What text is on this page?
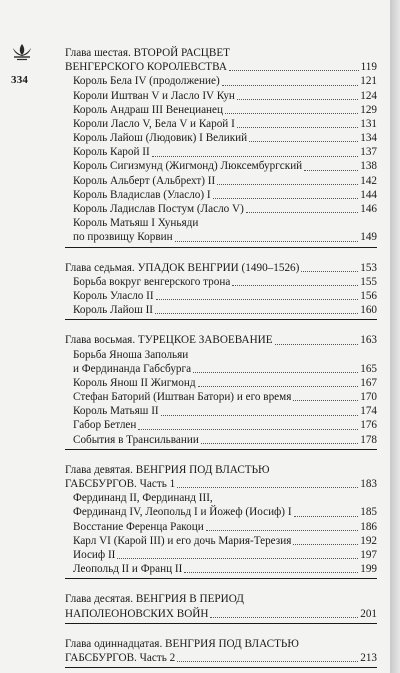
334
Глава шестая. ВТОРОЙ РАСЦВЕТ
ВЕНГЕРСКОГО КОРОЛЕВСТВА	119
Король Бела IV (продолжение)	121
Короли Иштван V и Ласло IV Кун	124
Король Андраш III Венецианец	129
Короли Ласло V, Бела V и Карой I	131
Король Лайош (Людовик) I Великий	134
Король Карой II	137
Король Сигизмунд (Жигмонд) Люксембургский	138
Король Альберт (Альбрехт) II	142
Король Владислав (Уласло) I	144
Король Ладислав Постум (Ласло V)	146
Король Матьяш I Хуньяди
по прозвищу Корвин	149
Глава седьмая. УПАДОК ВЕНГРИИ (1490–1526)	153
Борьба вокруг венгерского трона	155
Король Уласло II	156
Король Лайош II	160
Глава восьмая. ТУРЕЦКОЕ ЗАВОЕВАНИЕ	163
Борьба Яноша Запольяи
и Фердинанда Габсбурга	165
Король Янош II Жигмонд	167
Стефан Баторий (Иштван Батори) и его время	170
Король Матьяш II	174
Габор Бетлен	176
События в Трансильвании	178
Глава девятая. ВЕНГРИЯ ПОД ВЛАСТЬЮ
ГАБСБУРГОВ. Часть 1	183
Фердинанд II, Фердинанд III,
Фердинанд IV, Леопольд I и Йожеф (Иосиф) I	185
Восстание Ференца Ракоци	186
Карл VI (Карой III) и его дочь Мария-Терезия	192
Иосиф II	197
Леопольд II и Франц II	199
Глава десятая. ВЕНГРИЯ В ПЕРИОД
НАПОЛЕОНОВСКИХ ВОЙН	201
Глава одиннадцатая. ВЕНГРИЯ ПОД ВЛАСТЬЮ
ГАБСБУРГОВ. Часть 2	213
